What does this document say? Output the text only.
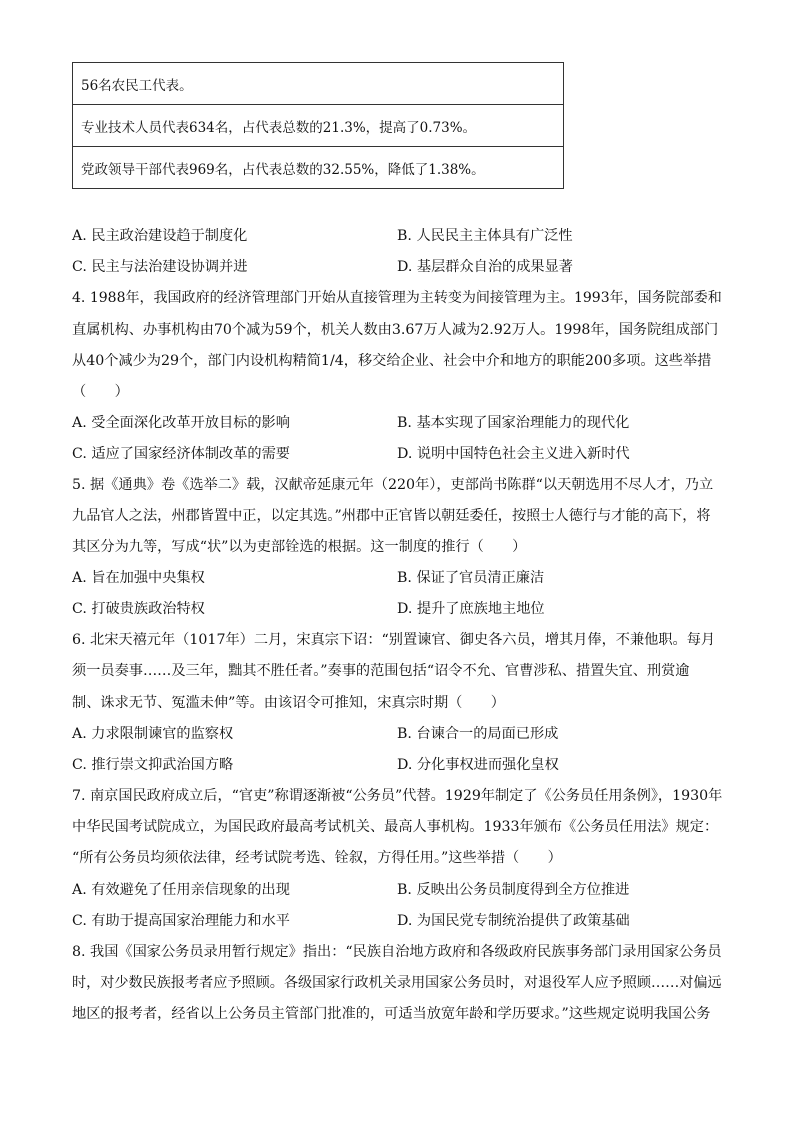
56名农民工代表。
专业技术人员代表634名，占代表总数的21.3%，提高了0.73%。
党政领导干部代表969名，占代表总数的32.55%，降低了1.38%。
A. 民主政治建设趋于制度化	B. 人民民主主体具有广泛性
C. 民主与法治建设协调并进	D. 基层群众自治的成果显著
4. 1988年，我国政府的经济管理部门开始从直接管理为主转变为间接管理为主。1993年，国务院部委和
直属机构、办事机构由70个减为59个，机关人数由3.67万人减为2.92万人。1998年，国务院组成部门
从40个减少为29个，部门内设机构精简1/4，移交给企业、社会中介和地方的职能200多项。这些举措
（　　）
A. 受全面深化改革开放目标的影响	B. 基本实现了国家治理能力的现代化
C. 适应了国家经济体制改革的需要	D. 说明中国特色社会主义进入新时代
5. 据《通典》卷《选举二》载，汉献帝延康元年（220年），吏部尚书陈群“以天朝选用不尽人才，乃立
九品官人之法，州郡皆置中正，以定其选。”州郡中正官皆以朝廷委任，按照士人德行与才能的高下，将
其区分为九等，写成“状”以为吏部铨选的根据。这一制度的推行（　　）
A. 旨在加强中央集权	B. 保证了官员清正廉洁
C. 打破贵族政治特权	D. 提升了庶族地主地位
6. 北宋天禧元年（1017年）二月，宋真宗下诏：“别置谏官、御史各六员，增其月俸，不兼他职。每月
须一员奏事……及三年，黜其不胜任者。”奏事的范围包括“诏令不允、官曹涉私、措置失宜、刑赏逾
制、诛求无节、冤滥未伸”等。由该诏令可推知，宋真宗时期（　　）
A. 力求限制谏官的监察权	B. 台谏合一的局面已形成
C. 推行崇文抑武治国方略	D. 分化事权进而强化皇权
7. 南京国民政府成立后，“官吏”称谓逐渐被“公务员”代替。1929年制定了《公务员任用条例》，1930年
中华民国考试院成立，为国民政府最高考试机关、最高人事机构。1933年颁布《公务员任用法》规定：
“所有公务员均须依法律，经考试院考选、铨叙，方得任用。”这些举措（　　）
A. 有效避免了任用亲信现象的出现	B. 反映出公务员制度得到全方位推进
C. 有助于提高国家治理能力和水平	D. 为国民党专制统治提供了政策基础
8. 我国《国家公务员录用暂行规定》指出：“民族自治地方政府和各级政府民族事务部门录用国家公务员
时，对少数民族报考者应予照顾。各级国家行政机关录用国家公务员时，对退役军人应予照顾……对偏远
地区的报考者，经省以上公务员主管部门批准的，可适当放宽年龄和学历要求。”这些规定说明我国公务
